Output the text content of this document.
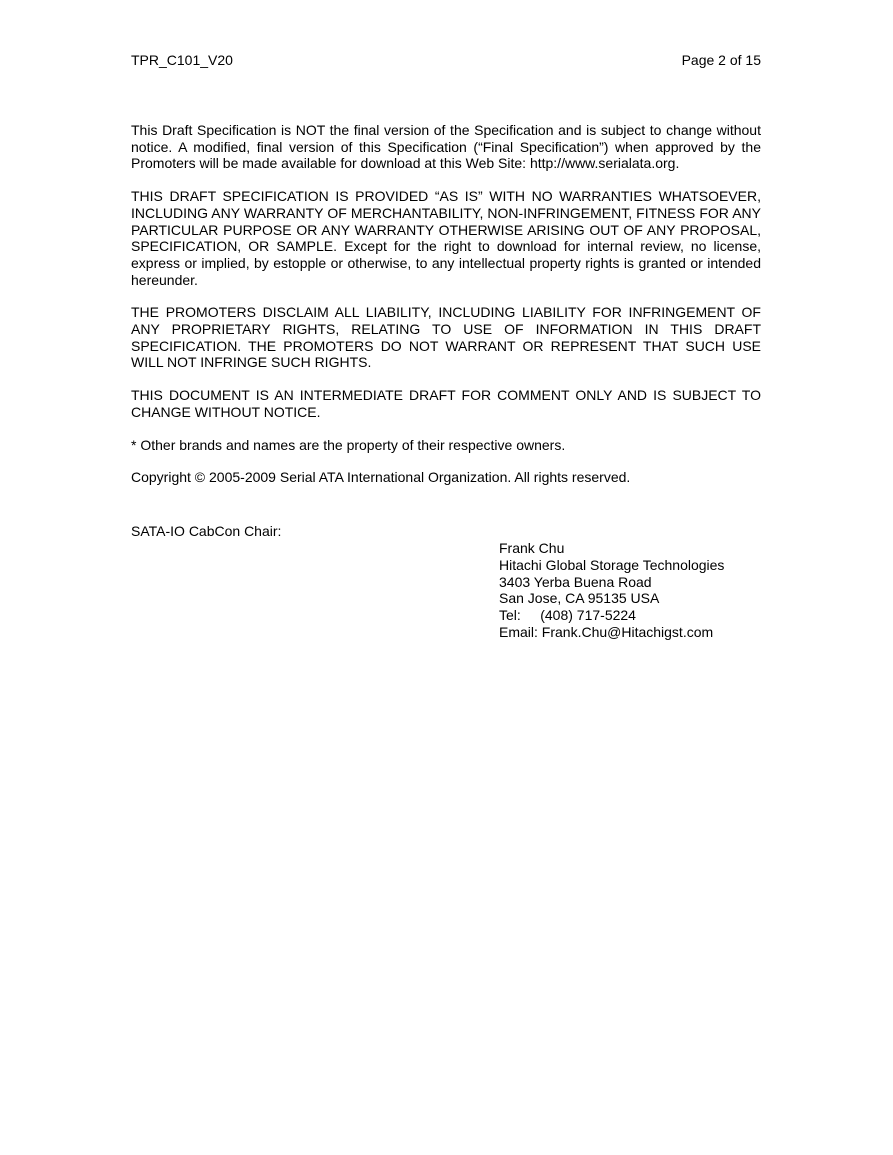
TPR_C101_V20	Page 2 of 15

This Draft Specification is NOT the final version of the Specification and is subject to change without notice. A modified, final version of this Specification (“Final Specification”) when approved by the Promoters will be made available for download at this Web Site: http://www.serialata.org.

THIS DRAFT SPECIFICATION IS PROVIDED “AS IS” WITH NO WARRANTIES WHATSOEVER, INCLUDING ANY WARRANTY OF MERCHANTABILITY, NON-INFRINGEMENT, FITNESS FOR ANY PARTICULAR PURPOSE OR ANY WARRANTY OTHERWISE ARISING OUT OF ANY PROPOSAL, SPECIFICATION, OR SAMPLE. Except for the right to download for internal review, no license, express or implied, by estopple or otherwise, to any intellectual property rights is granted or intended hereunder.

THE PROMOTERS DISCLAIM ALL LIABILITY, INCLUDING LIABILITY FOR INFRINGEMENT OF ANY PROPRIETARY RIGHTS, RELATING TO USE OF INFORMATION IN THIS DRAFT SPECIFICATION. THE PROMOTERS DO NOT WARRANT OR REPRESENT THAT SUCH USE WILL NOT INFRINGE SUCH RIGHTS.

THIS DOCUMENT IS AN INTERMEDIATE DRAFT FOR COMMENT ONLY AND IS SUBJECT TO CHANGE WITHOUT NOTICE.

* Other brands and names are the property of their respective owners.

Copyright © 2005-2009 Serial ATA International Organization. All rights reserved.

SATA-IO CabCon Chair:
Frank Chu
Hitachi Global Storage Technologies
3403 Yerba Buena Road
San Jose, CA 95135 USA
Tel:     (408) 717-5224
Email: Frank.Chu@Hitachigst.com
